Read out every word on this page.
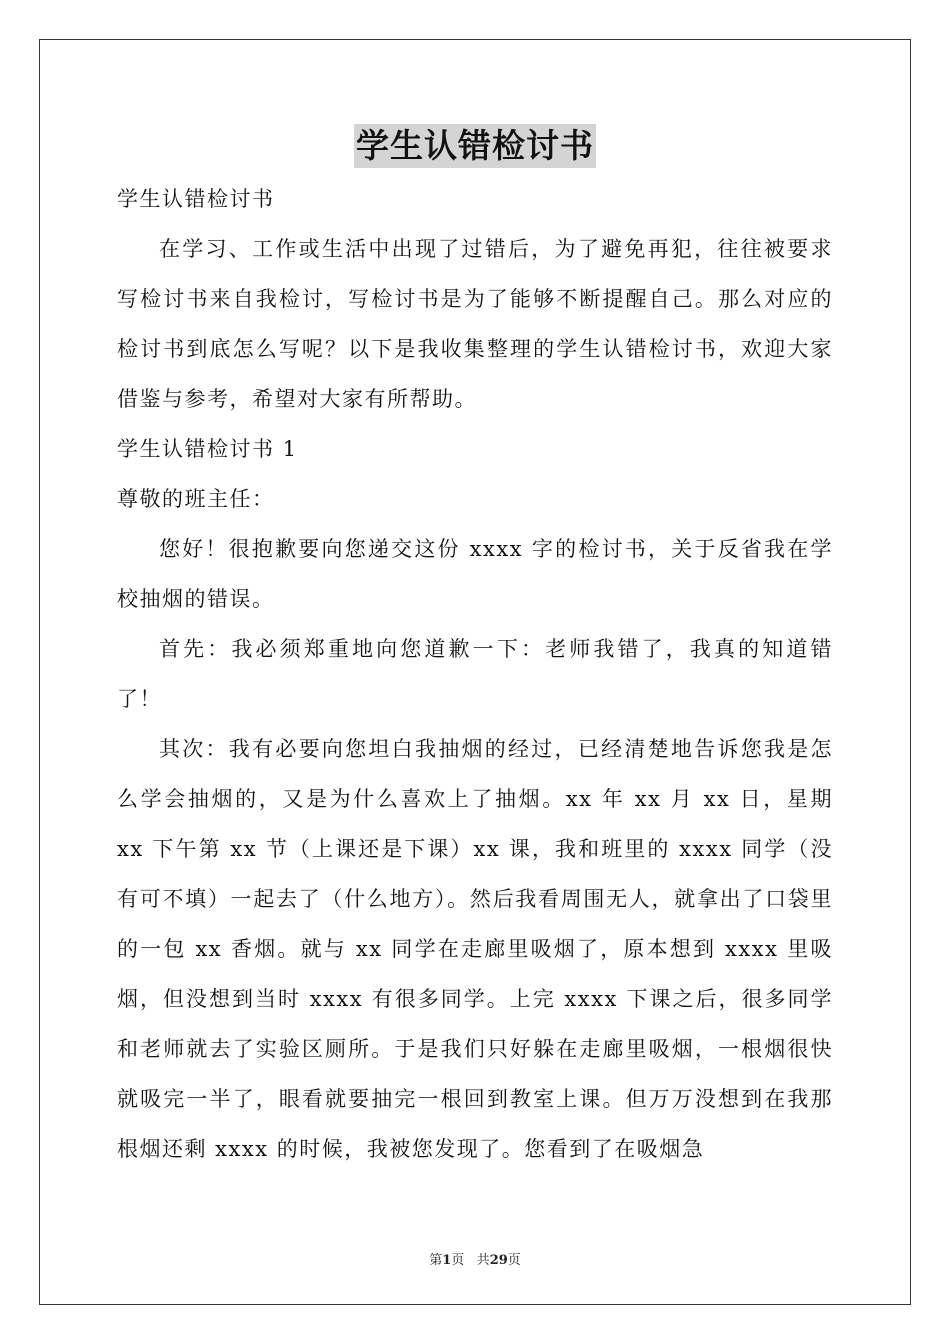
学生认错检讨书

学生认错检讨书

在学习、工作或生活中出现了过错后，为了避免再犯，往往被要求写检讨书来自我检讨，写检讨书是为了能够不断提醒自己。那么对应的检讨书到底怎么写呢？以下是我收集整理的学生认错检讨书，欢迎大家借鉴与参考，希望对大家有所帮助。

学生认错检讨书 1

尊敬的班主任：

您好！很抱歉要向您递交这份 xxxx 字的检讨书，关于反省我在学校抽烟的错误。

首先：我必须郑重地向您道歉一下：老师我错了，我真的知道错了！

其次：我有必要向您坦白我抽烟的经过，已经清楚地告诉您我是怎么学会抽烟的，又是为什么喜欢上了抽烟。xx 年 xx 月 xx 日，星期 xx 下午第 xx 节（上课还是下课）xx 课，我和班里的 xxxx 同学（没有可不填）一起去了（什么地方）。然后我看周围无人，就拿出了口袋里的一包 xx 香烟。就与 xx 同学在走廊里吸烟了，原本想到 xxxx 里吸烟，但没想到当时 xxxx 有很多同学。上完 xxxx 下课之后，很多同学和老师就去了实验区厕所。于是我们只好躲在走廊里吸烟，一根烟很快就吸完一半了，眼看就要抽完一根回到教室上课。但万万没想到在我那根烟还剩 xxxx 的时候，我被您发现了。您看到了在吸烟急

第1页 共29页
